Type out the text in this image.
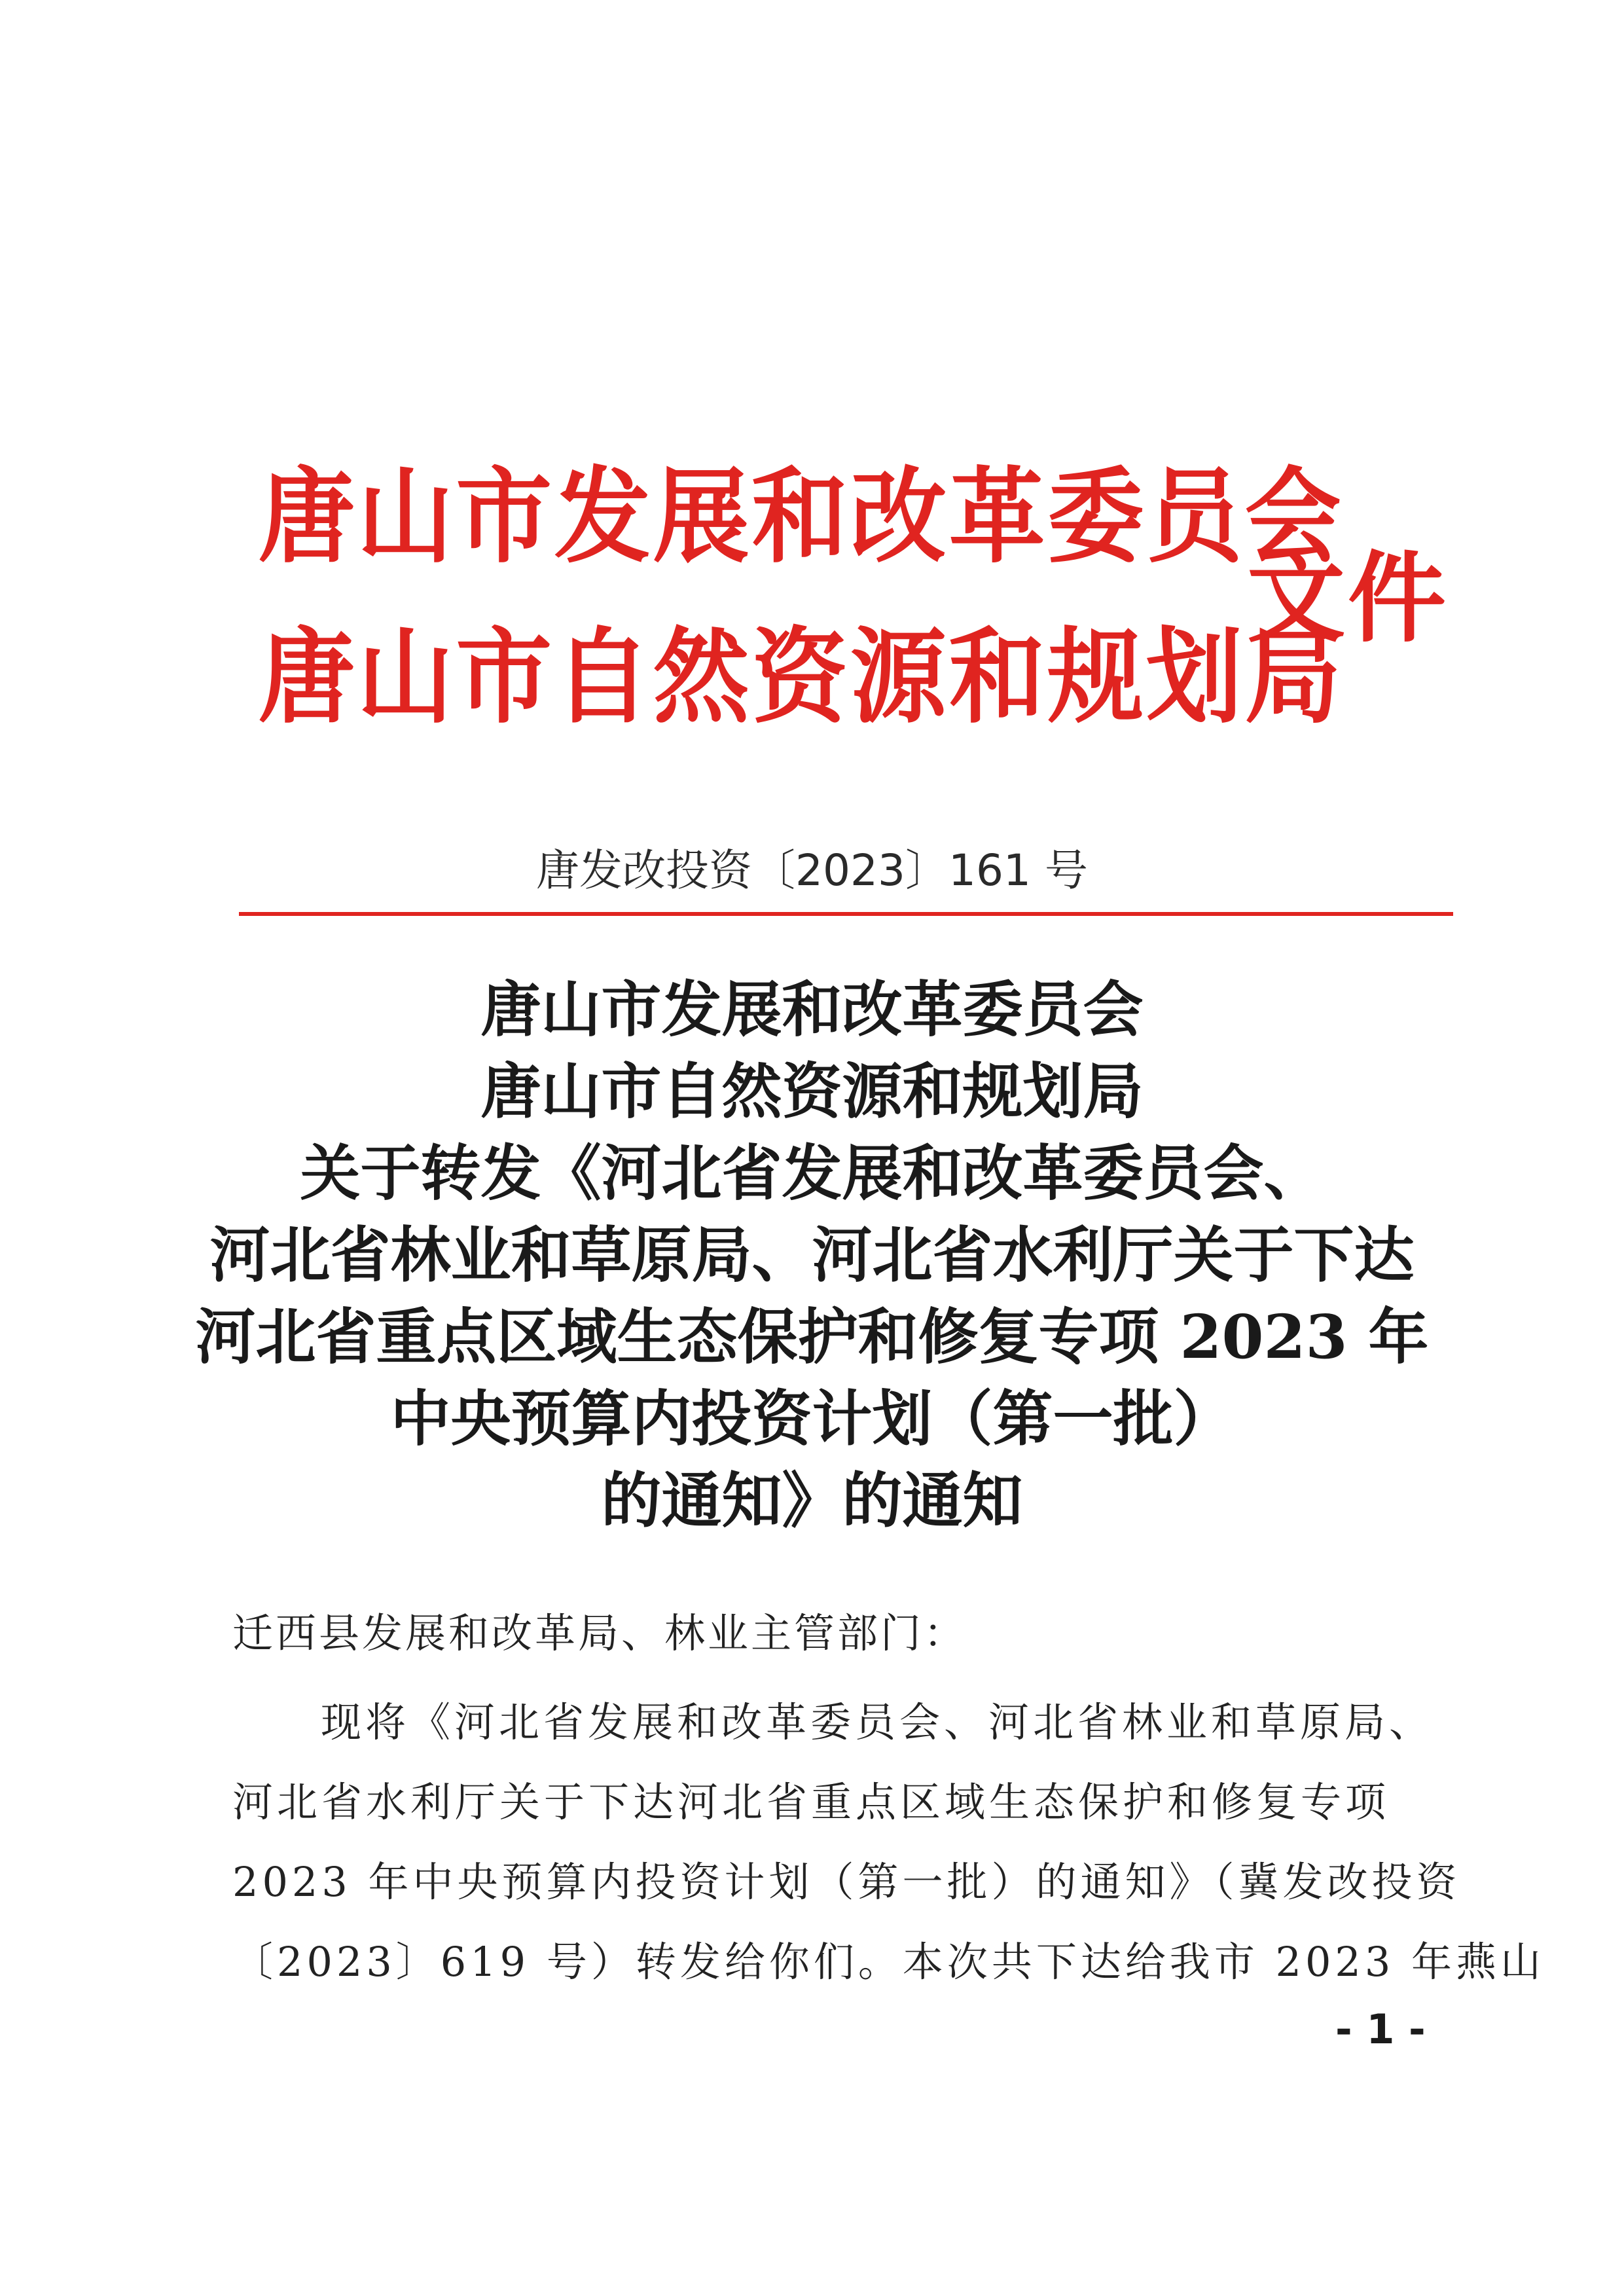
唐山市发展和改革委员会
唐山市自然资源和规划局
文件
唐发改投资〔2023〕161 号
唐山市发展和改革委员会
唐山市自然资源和规划局
关于转发《河北省发展和改革委员会、
河北省林业和草原局、河北省水利厅关于下达
河北省重点区域生态保护和修复专项 2023 年
中央预算内投资计划（第一批）
的通知》的通知
迁西县发展和改革局、林业主管部门：
现将《河北省发展和改革委员会、河北省林业和草原局、
河北省水利厅关于下达河北省重点区域生态保护和修复专项
2023 年中央预算内投资计划（第一批）的通知》（冀发改投资
〔2023〕619 号）转发给你们。本次共下达给我市 2023 年燕山
- 1 -
